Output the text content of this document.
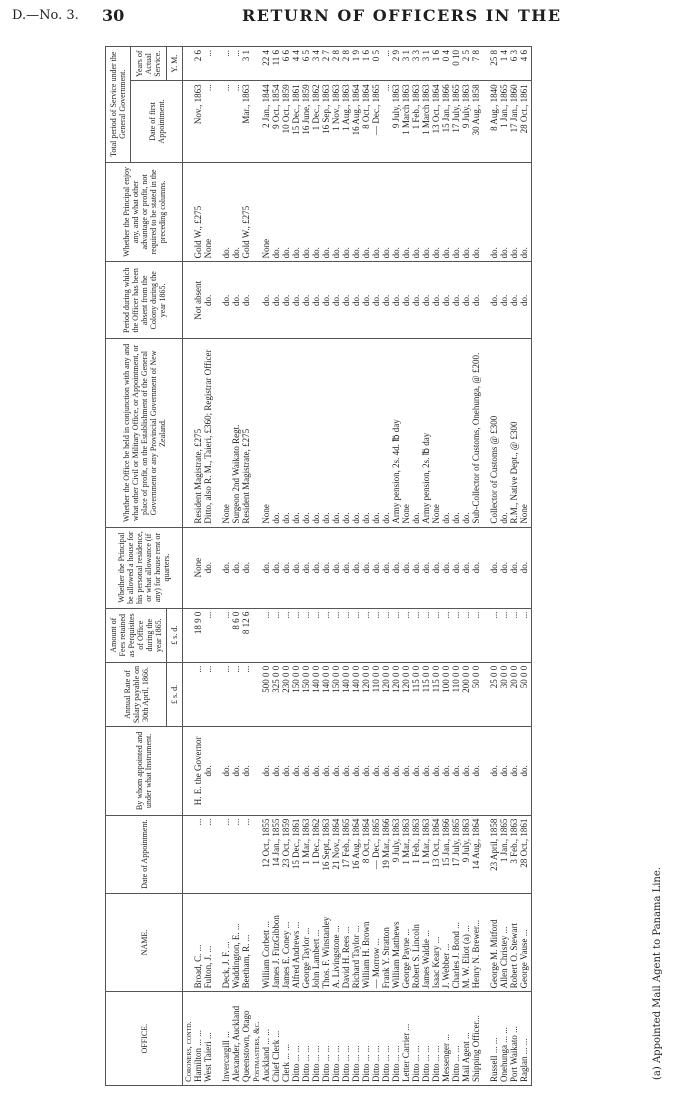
D.—No. 3. 30	RETURN OF OFFICERS IN THE
OFFICE.	NAME.	Date of Appointment.	By whom appointed and under what Instrument.	Annual Rate of Salary payable on 30th April, 1866.	Amount of Fees retained as Perquisites of Office during the year 1865.	Whether the Principal be allowed a house for his personal residence, or what allowance (if any) for house rent or quarters.	Whether the Office be held in conjunction with any and what other Civil or Military Office, or Appointment, or place of profit, on the Establishment of the General Government or any Provincial Government of New Zealand.	Period during which the Officer has been absent from the Colony during the year 1865.	Whether the Principal enjoy any, and what other advantage or profit, not required to be stated in the preceding columns.	Total period of Service under the General Government.	
										Date of first Appointment.	Years of Actual Service.
				£ s. d.	£ s. d.						Y. M.
Coroners, contd.											
Hamilton ... ...	Broad, C. ...	...	H. E. the Governor	...	18 9 0	None	Resident Magistrate, £275	Not absent	Gold W., £275	Nov., 1863	2 6
West Taieri ...	Fulton, J. ...	...	do.	...	...	do.	Ditto, also R. M., Taieri, £360; Registrar Officer	do.	None	...	...

Invercargill ...	Deck, J. F. ...	...	do.	...	...	do.	None	do.	do.	...	...
Alexander, Auckland	Waddington, E. ...	...	do.	...	8 6 0	do.	Surgeon 2nd Waikato Regt.	do.	do.	...	...
Queenstown, Otago	Beetham, R. ...	...	do.	...	8 12 6	do.	Resident Magistrate, £275	do.	Gold W., £275	Mar., 1863	3 1
Postmasters, &c.											
Auckland ... ...	William Corbett ...	12 Oct., 1855	do.	500 0 0	...	do.	None	do.	None	2 Jan., 1844	22 4
Chief Clerk ...	James J. FitzGibbon	14 Jan., 1855	do.	325 0 0	...	do.	do.	do.	do.	9 Oct., 1854	11 6
Clerk ... ...	James E. Coney ...	23 Oct., 1859	do.	230 0 0	...	do.	do.	do.	do.	10 Oct., 1859	6 6
Ditto ... ...	Alfred Andrews ...	15 Dec., 1861	do.	150 0 0	...	do.	do.	do.	do.	15 Dec., 1861	4 4
Ditto ... ...	George Taylor ...	1 Mar., 1863	do.	150 0 0	...	do.	do.	do.	do.	16 June, 1859	6 5
Ditto ... ...	John Lambert ...	1 Dec., 1862	do.	140 0 0	...	do.	do.	do.	do.	1 Dec., 1862	3 4
Ditto ... ...	Thos. F. Winstanley	16 Sept., 1863	do.	140 0 0	...	do.	do.	do.	do.	16 Sep., 1863	2 7
Ditto ... ...	A. Livingstone ...	21 Nov., 1864	do.	150 0 0	...	do.	do.	do.	do.	1 Nov., 1863	2 8
Ditto ... ...	David H. Rees ...	17 Feb., 1865	do.	140 0 0	...	do.	do.	do.	do.	1 Aug., 1863	2 8
Ditto ... ...	Richard Taylor ...	16 Aug., 1864	do.	140 0 0	...	do.	do.	do.	do.	16 Aug., 1864	1 9
Ditto ... ...	William H. Brown	8 Oct., 1864	do.	120 0 0	...	do.	do.	do.	do.	8 Oct., 1864	1 6
Ditto ... ...	— Morrow ...	— Dec., 1865	do.	110 0 0	...	do.	do.	do.	do.	— Dec., 1865	0 5
Ditto ... ...	Frank Y. Stratton	19 Mar., 1866	do.	120 0 0	...	do.	do.	do.	do.	...	...
Ditto ... ...	William Matthews	9 July, 1863	do.	120 0 0	...	do.	Army pension, 2s. 4d. ℔ day	do.	do.	9 July, 1863	2 9
Letter Carrier ...	George Payne ...	1 Mar., 1863	do.	120 0 0	...	do.	None	do.	do.	1 March 1863	3 1
Ditto ... ...	Robert S. Lincoln	1 Feb., 1863	do.	115 0 0	...	do.	do.	do.	do.	1 Feb., 1863	3 3
Ditto ... ...	James Waldie ...	1 Mar., 1863	do.	115 0 0	...	do.	Army pension, 2s. ℔ day	do.	do.	1 March 1863	3 1
Ditto ... ...	Isaac Keary ...	13 Oct., 1864	do.	115 0 0	...	do.	None	do.	do.	13 Oct., 1864	1 6
Messenger ...	J. Webber ...	15 Jan., 1866	do.	100 0 0	...	do.	do.	do.	do.	15 Jan., 1866	0 4
Ditto ... ...	Charles J. Bond ...	17 July, 1865	do.	110 0 0	...	do.	do.	do.	do.	17 July, 1865	0 10
Mail Agent ...	M. W. Eliot (a) ...	9 July, 1863	do.	200 0 0	...	do.	do.	do.	do.	9 July, 1863	2 5
Shipping Officer...	Henry N. Brewer...	14 Aug., 1864	do.	50 0 0	...	do.	Sub-Collector of Customs, Onehunga, @ £200.	do.	do.	30 Aug., 1858	7 8

Russell ... ...	George M. Mitford	23 April, 1858	do.	25 0 0	...	do.	Collector of Customs @ £300	do.	do.	8 Aug., 1840	25 8
Onehunga ... ...	Allen Christey ...	1 Jan., 1865	do.	30 0 0	...	do.	do.	do.	do.	1 Jan., 1865	1 4
Port Waikato ...	Robert O. Stewart	3 Feb., 1863	do.	20 0 0	...	do.	R.M., Native Dept., @ £300	do.	do.	17 Jan., 1860	6 3
Raglan ... ...	George Vause ...	28 Oct., 1861	do.	50 0 0	...	do.	None	do.	do.	28 Oct., 1861	4 6
(a) Appointed Mail Agent to Panama Line.
